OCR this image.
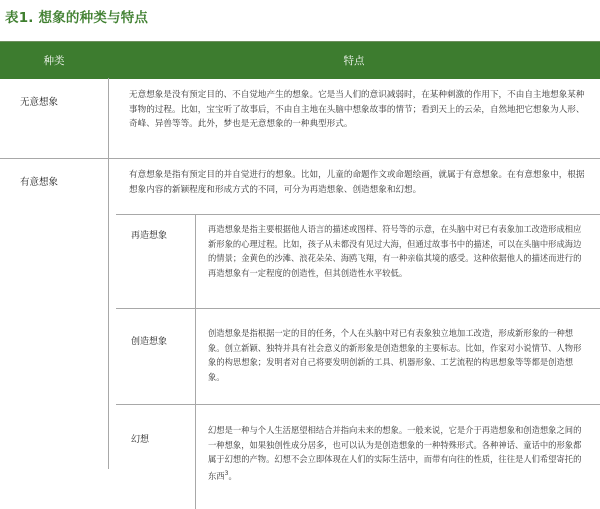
表1. 想象的种类与特点
种类	特点
无意想象
无意想象是没有预定目的、不自觉地产生的想象。它是当人们的意识减弱时，在某种刺激的作用下，不由自主地想象某种事物的过程。比如，宝宝听了故事后，不由自主地在头脑中想象故事的情节；看到天上的云朵，自然地把它想象为人形、奇峰、异兽等等。此外，梦也是无意想象的一种典型形式。
有意想象
有意想象是指有预定目的并自觉进行的想象。比如，儿童的命题作文或命题绘画，就属于有意想象。在有意想象中，根据想象内容的新颖程度和形成方式的不同，可分为再造想象、创造想象和幻想。
再造想象
再造想象是指主要根据他人语言的描述或图样、符号等的示意，在头脑中对已有表象加工改造形成相应新形象的心理过程。比如，孩子从未都没有见过大海，但通过故事书中的描述，可以在头脑中形成海边的情景；金黄色的沙滩、浪花朵朵、海鸥飞翔，有一种亲临其境的感受。这种依据他人的描述而进行的再造想象有一定程度的创造性，但其创造性水平较低。
创造想象
创造想象是指根据一定的目的任务，个人在头脑中对已有表象独立地加工改造，形成新形象的一种想象。创立新颖、独特并具有社会意义的新形象是创造想象的主要标志。比如，作家对小说情节、人物形象的构思想象；发明者对自己将要发明创新的工具、机器形象、工艺流程的构思想象等等都是创造想象。
幻想
幻想是一种与个人生活愿望相结合并指向未来的想象。一般来说，它是介于再造想象和创造想象之间的一种想象，如果独创性成分居多，也可以认为是创造想象的一种特殊形式。各种神话、童话中的形象都属于幻想的产物。幻想不会立即体现在人们的实际生活中，而带有向往的性质，往往是人们希望寄托的东西$^3$。
